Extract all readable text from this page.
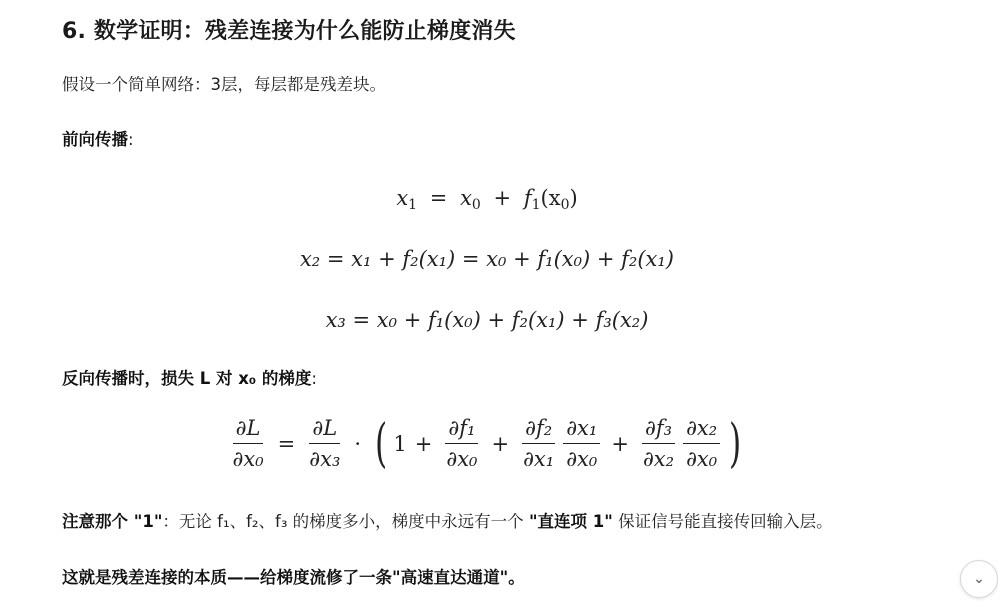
6. 数学证明：残差连接为什么能防止梯度消失

假设一个简单网络：3层，每层都是残差块。

前向传播:

$x_1 = x_0 + f_1(x_0)$
x₂ = x₁ + f₂(x₁) = x₀ + f₁(x₀) + f₂(x₁)
x₃ = x₀ + f₁(x₀) + f₂(x₁) + f₃(x₂)

反向传播时，损失 L 对 x₀ 的梯度:

$\frac{\partial L}{\text{∂x₀}} = \frac{\partial L}{\text{∂x₃}}$ · ( $1 + \frac{\text{∂f₁}}{\text{∂x₀}} + \frac{\text{∂f₂}}{\text{∂x₁}} \frac{\text{∂x₁}}{\text{∂x₀}} + \frac{\text{∂f₃}}{\text{∂x₂}} \frac{\text{∂x₂}}{\text{∂x₀}}$ )

注意那个 "1"：无论 f₁、f₂、f₃ 的梯度多小，梯度中永远有一个 "直连项 1" 保证信号能直接传回输入层。

这就是残差连接的本质——给梯度流修了一条"高速直达通道"。	⌄
